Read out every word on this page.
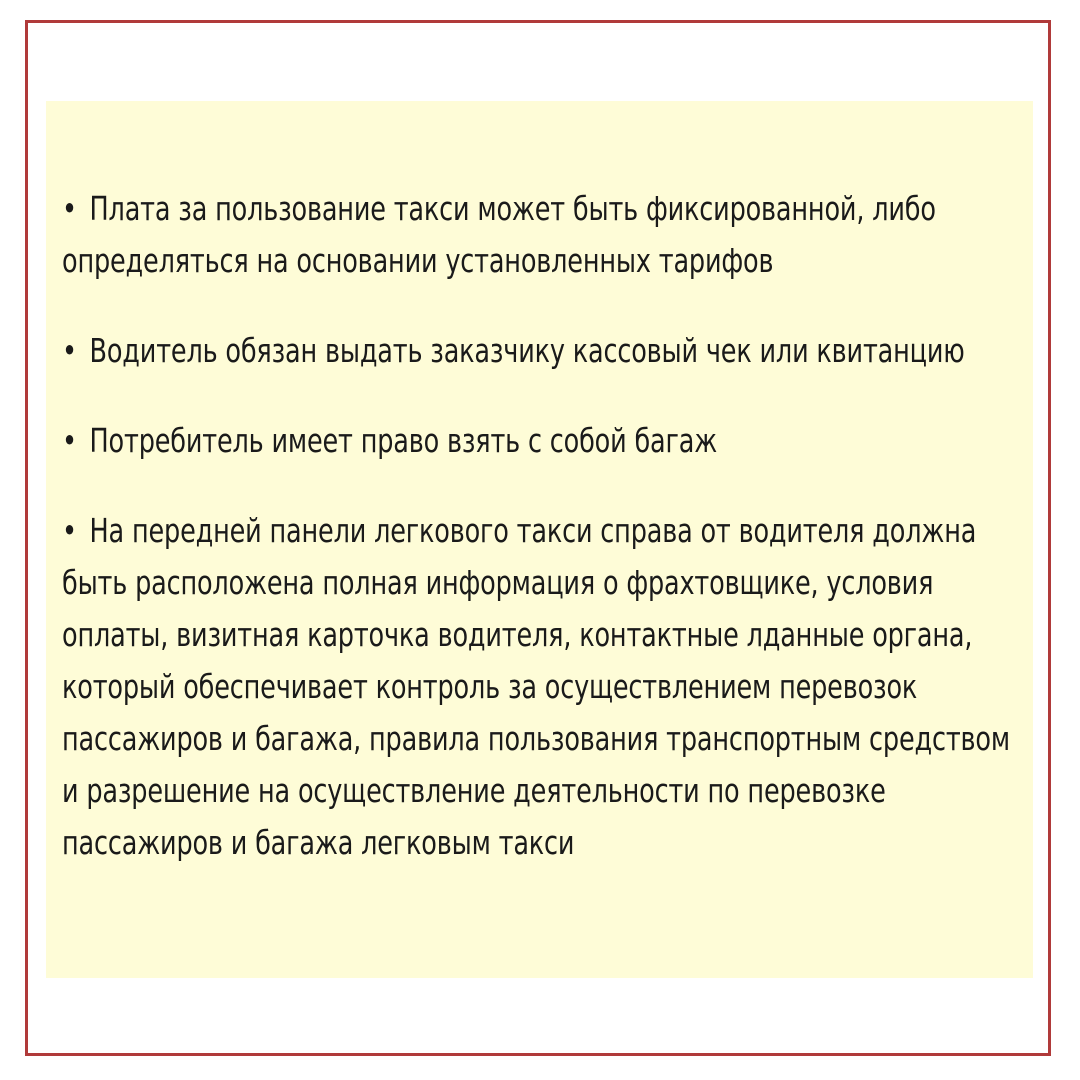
• Плата за пользование такси может быть фиксированной, либо определяться на основании установленных тарифов
• Водитель обязан выдать заказчику кассовый чек или квитанцию
• Потребитель имеет право взять с собой багаж
• На передней панели легкового такси справа от водителя должна быть расположена полная информация о фрахтовщике, условия оплаты, визитная карточка водителя, контактные лданные органа, который обеспечивает контроль за осуществлением перевозок пассажиров и багажа, правила пользования транспортным средством и разрешение на осуществление деятельности по перевозке пассажиров и багажа легковым такси
